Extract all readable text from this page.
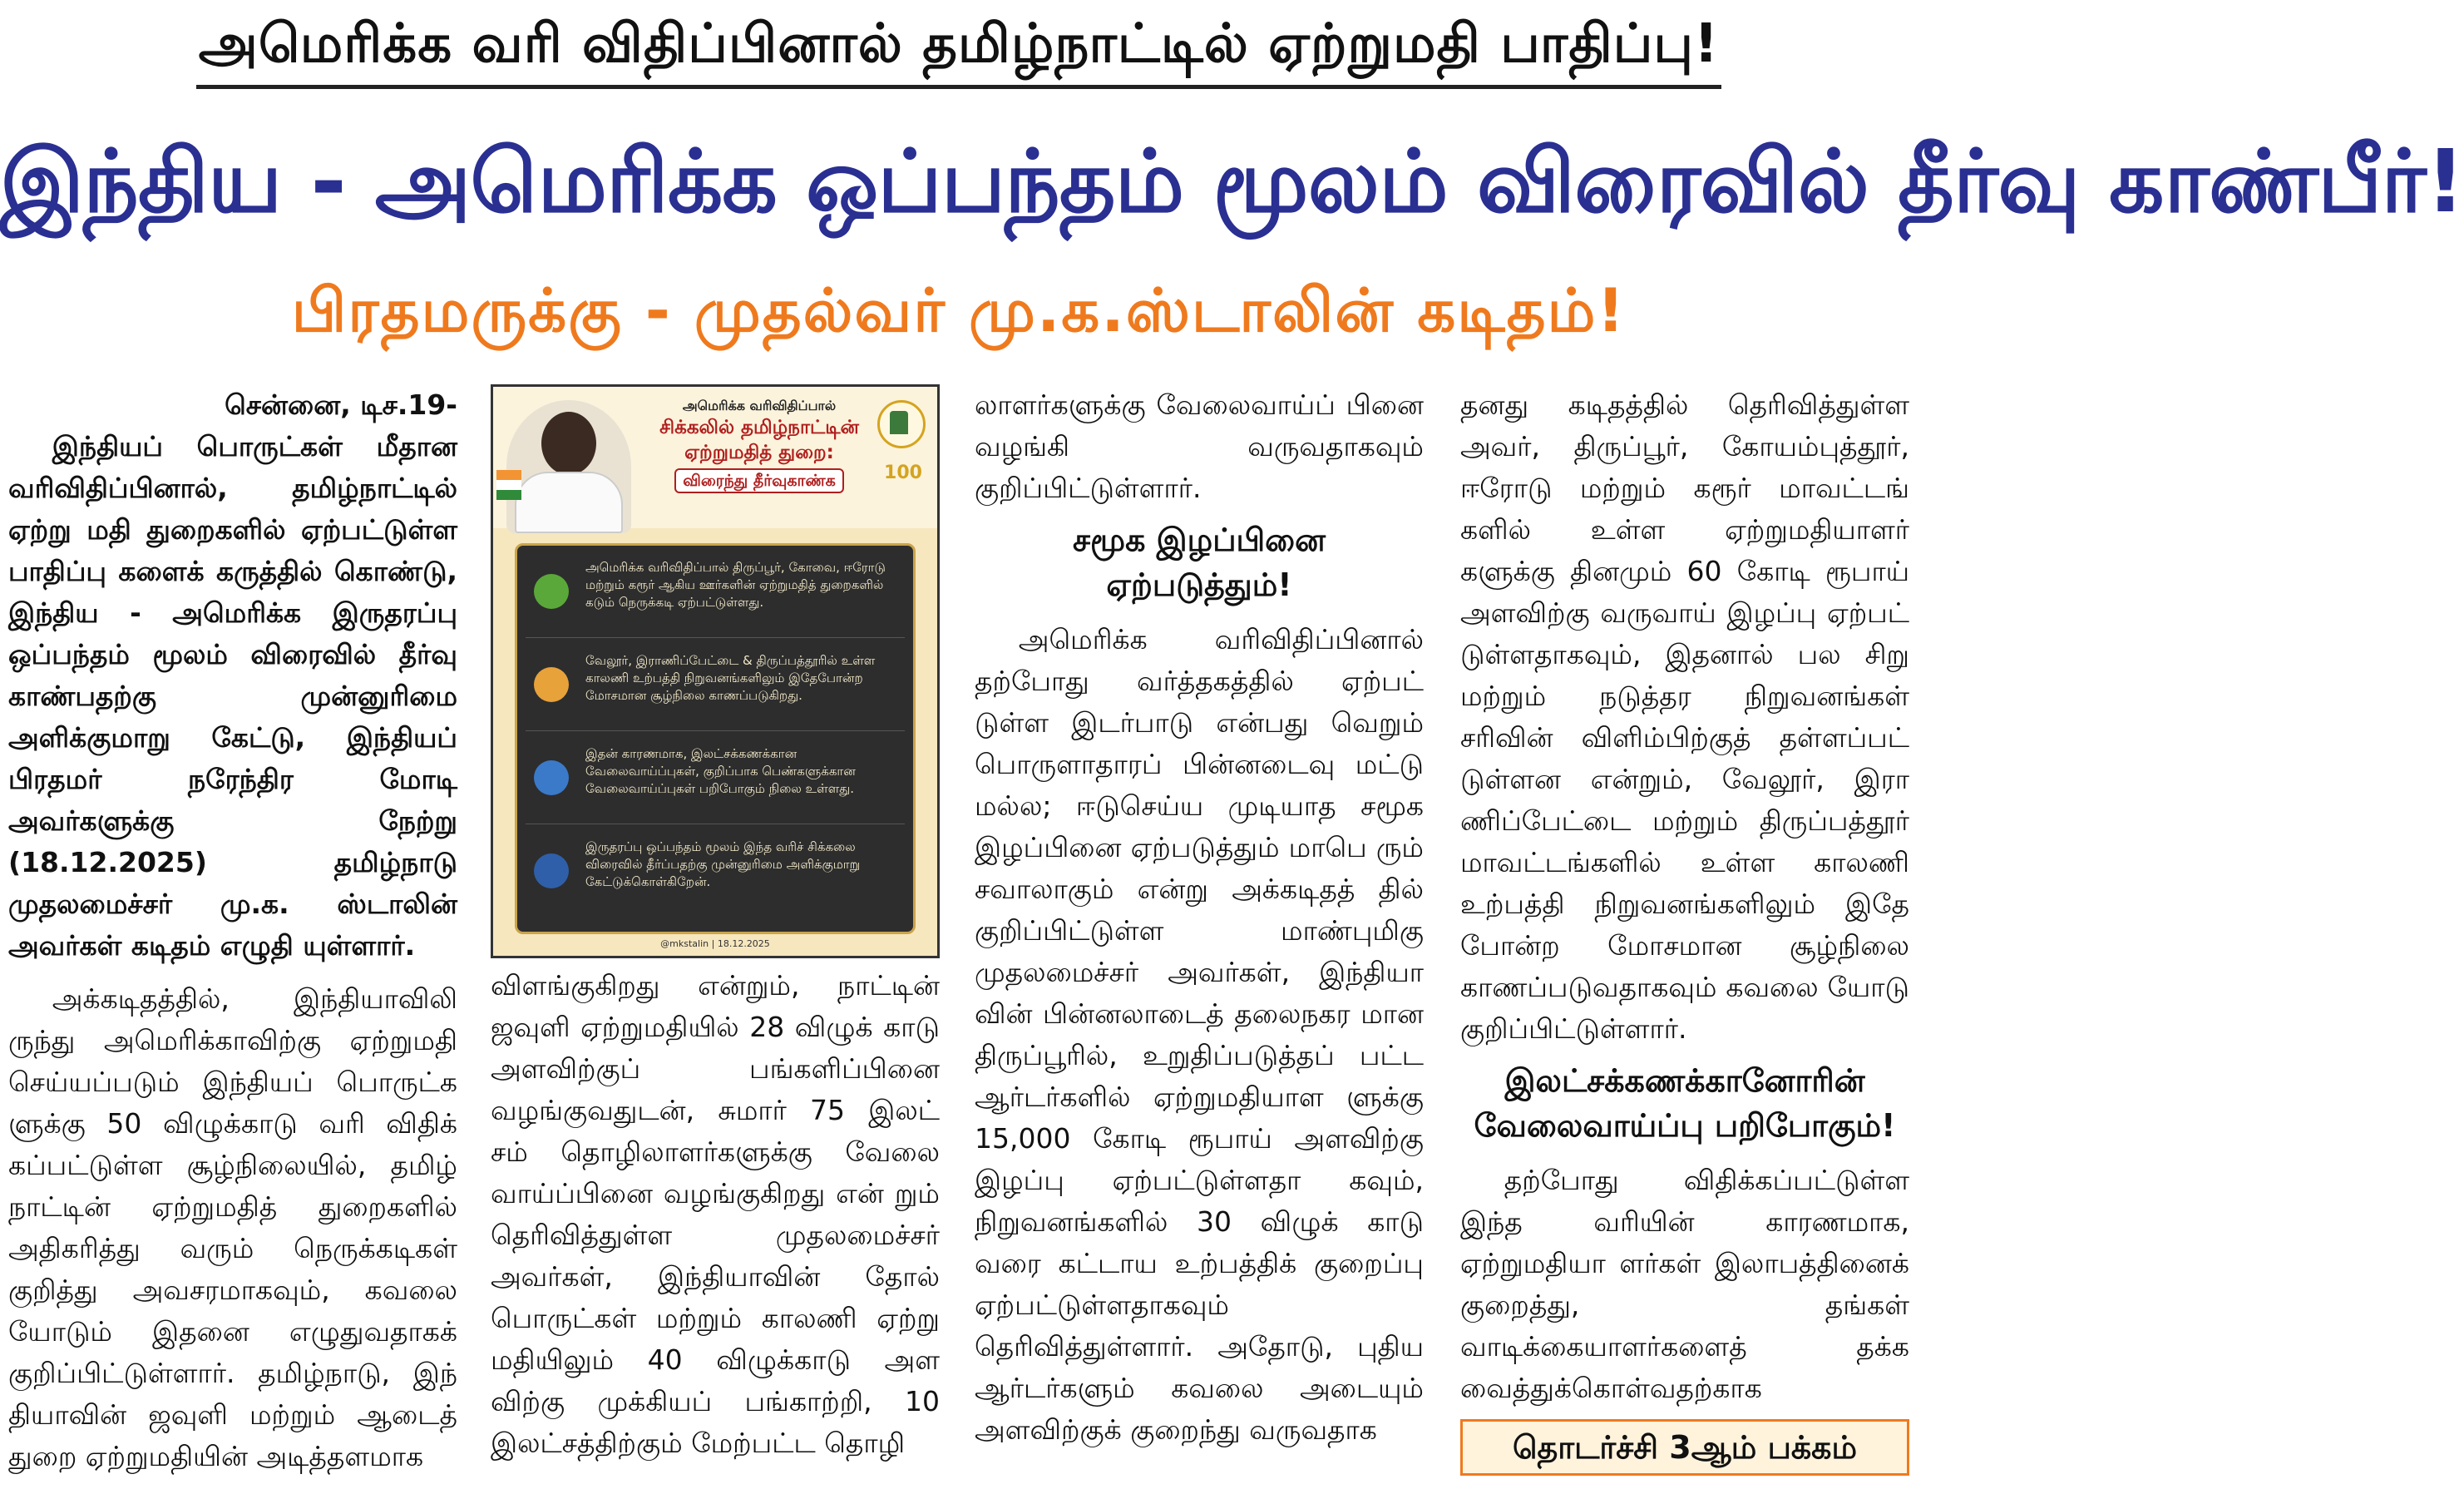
அமெரிக்க வரி விதிப்பினால் தமிழ்நாட்டில் ஏற்றுமதி பாதிப்பு!
இந்திய - அமெரிக்க ஒப்பந்தம் மூலம் விரைவில் தீர்வு காண்பீர்!
பிரதமருக்கு - முதல்வர் மு.க.ஸ்டாலின் கடிதம்!

சென்னை, டிச.19-

இந்தியப் பொருட்கள் மீதான வரிவிதிப்பினால், தமிழ்நாட்டில் ஏற்று மதி துறைகளில் ஏற்பட்டுள்ள பாதிப்பு களைக் கருத்தில் கொண்டு, இந்திய - அமெரிக்க இருதரப்பு ஒப்பந்தம் மூலம் விரைவில் தீர்வு காண்பதற்கு முன்னுரிமை அளிக்குமாறு கேட்டு, இந்தியப் பிரதமர் நரேந்திர மோடி அவர்களுக்கு நேற்று (18.12.2025) தமிழ்நாடு முதலமைச்சர் மு.க. ஸ்டாலின் அவர்கள் கடிதம் எழுதி யுள்ளார்.

அக்கடிதத்தில், இந்தியாவிலி ருந்து அமெரிக்காவிற்கு ஏற்றுமதி செய்யப்படும் இந்தியப் பொருட்க ளுக்கு 50 விழுக்காடு வரி விதிக் கப்பட்டுள்ள சூழ்நிலையில், தமிழ் நாட்டின் ஏற்றுமதித் துறைகளில் அதிகரித்து வரும் நெருக்கடிகள் குறித்து அவசரமாகவும், கவலை யோடும் இதனை எழுதுவதாகக் குறிப்பிட்டுள்ளார். தமிழ்நாடு, இந் தியாவின் ஜவுளி மற்றும் ஆடைத் துறை ஏற்றுமதியின் அடித்தளமாக

அமெரிக்க வரிவிதிப்பால்
சிக்கலில் தமிழ்நாட்டின் ஏற்றுமதித் துறை:
விரைந்து தீர்வுகாண்க	100
அமெரிக்க வரிவிதிப்பால் திருப்பூர், கோவை, ஈரோடு மற்றும் கரூர் ஆகிய ஊர்களின் ஏற்றுமதித் துறைகளில் கடும் நெருக்கடி ஏற்பட்டுள்ளது.
வேலூர், இராணிப்பேட்டை & திருப்பத்தூரில் உள்ள காலணி உற்பத்தி நிறுவனங்களிலும் இதேபோன்ற மோசமான சூழ்நிலை காணப்படுகிறது.
இதன் காரணமாக, இலட்சக்கணக்கான வேலைவாய்ப்புகள், குறிப்பாக பெண்களுக்கான வேலைவாய்ப்புகள் பறிபோகும் நிலை உள்ளது.
இருதரப்பு ஒப்பந்தம் மூலம் இந்த வரிச் சிக்கலை விரைவில் தீர்ப்பதற்கு முன்னுரிமை அளிக்குமாறு கேட்டுக்கொள்கிறேன்.
@mkstalin | 18.12.2025

விளங்குகிறது என்றும், நாட்டின் ஜவுளி ஏற்றுமதியில் 28 விழுக் காடு அளவிற்குப் பங்களிப்பினை வழங்குவதுடன், சுமார் 75 இலட் சம் தொழிலாளர்களுக்கு வேலை வாய்ப்பினை வழங்குகிறது என் றும் தெரிவித்துள்ள முதலமைச்சர் அவர்கள், இந்தியாவின் தோல் பொருட்கள் மற்றும் காலணி ஏற்று மதியிலும் 40 விழுக்காடு அள விற்கு முக்கியப் பங்காற்றி, 10 இலட்சத்திற்கும் மேற்பட்ட தொழி

லாளர்களுக்கு வேலைவாய்ப் பினை வழங்கி வருவதாகவும் குறிப்பிட்டுள்ளார்.

சமூக இழப்பினை ஏற்படுத்தும்!

அமெரிக்க வரிவிதிப்பினால் தற்போது வர்த்தகத்தில் ஏற்பட் டுள்ள இடர்பாடு என்பது வெறும் பொருளாதாரப் பின்னடைவு மட்டு மல்ல; ஈடுசெய்ய முடியாத சமூக இழப்பினை ஏற்படுத்தும் மாபெ ரும் சவாலாகும் என்று அக்கடிதத் தில் குறிப்பிட்டுள்ள மாண்புமிகு முதலமைச்சர் அவர்கள், இந்தியா வின் பின்னலாடைத் தலைநகர மான திருப்பூரில், உறுதிப்படுத்தப் பட்ட ஆர்டர்களில் ஏற்றுமதியாள ளுக்கு 15,000 கோடி ரூபாய் அளவிற்கு இழப்பு ஏற்பட்டுள்ளதா கவும், நிறுவனங்களில் 30 விழுக் காடு வரை கட்டாய உற்பத்திக் குறைப்பு ஏற்பட்டுள்ளதாகவும் தெரிவித்துள்ளார். அதோடு, புதிய ஆர்டர்களும் கவலை அடையும் அளவிற்குக் குறைந்து வருவதாக

தனது கடிதத்தில் தெரிவித்துள்ள அவர், திருப்பூர், கோயம்புத்தூர், ஈரோடு மற்றும் கரூர் மாவட்டங் களில் உள்ள ஏற்றுமதியாளர் களுக்கு தினமும் 60 கோடி ரூபாய் அளவிற்கு வருவாய் இழப்பு ஏற்பட் டுள்ளதாகவும், இதனால் பல சிறு மற்றும் நடுத்தர நிறுவனங்கள் சரிவின் விளிம்பிற்குத் தள்ளப்பட் டுள்ளன என்றும், வேலூர், இரா ணிப்பேட்டை மற்றும் திருப்பத்தூர் மாவட்டங்களில் உள்ள காலணி உற்பத்தி நிறுவனங்களிலும் இதே போன்ற மோசமான சூழ்நிலை காணப்படுவதாகவும் கவலை யோடு குறிப்பிட்டுள்ளார்.

இலட்சக்கணக்கானோரின் வேலைவாய்ப்பு பறிபோகும்!

தற்போது விதிக்கப்பட்டுள்ள இந்த வரியின் காரணமாக, ஏற்றுமதியா ளர்கள் இலாபத்தினைக் குறைத்து, தங்கள் வாடிக்கையாளர்களைத் தக்க வைத்துக்கொள்வதற்காக

தொடர்ச்சி 3ஆம் பக்கம்
